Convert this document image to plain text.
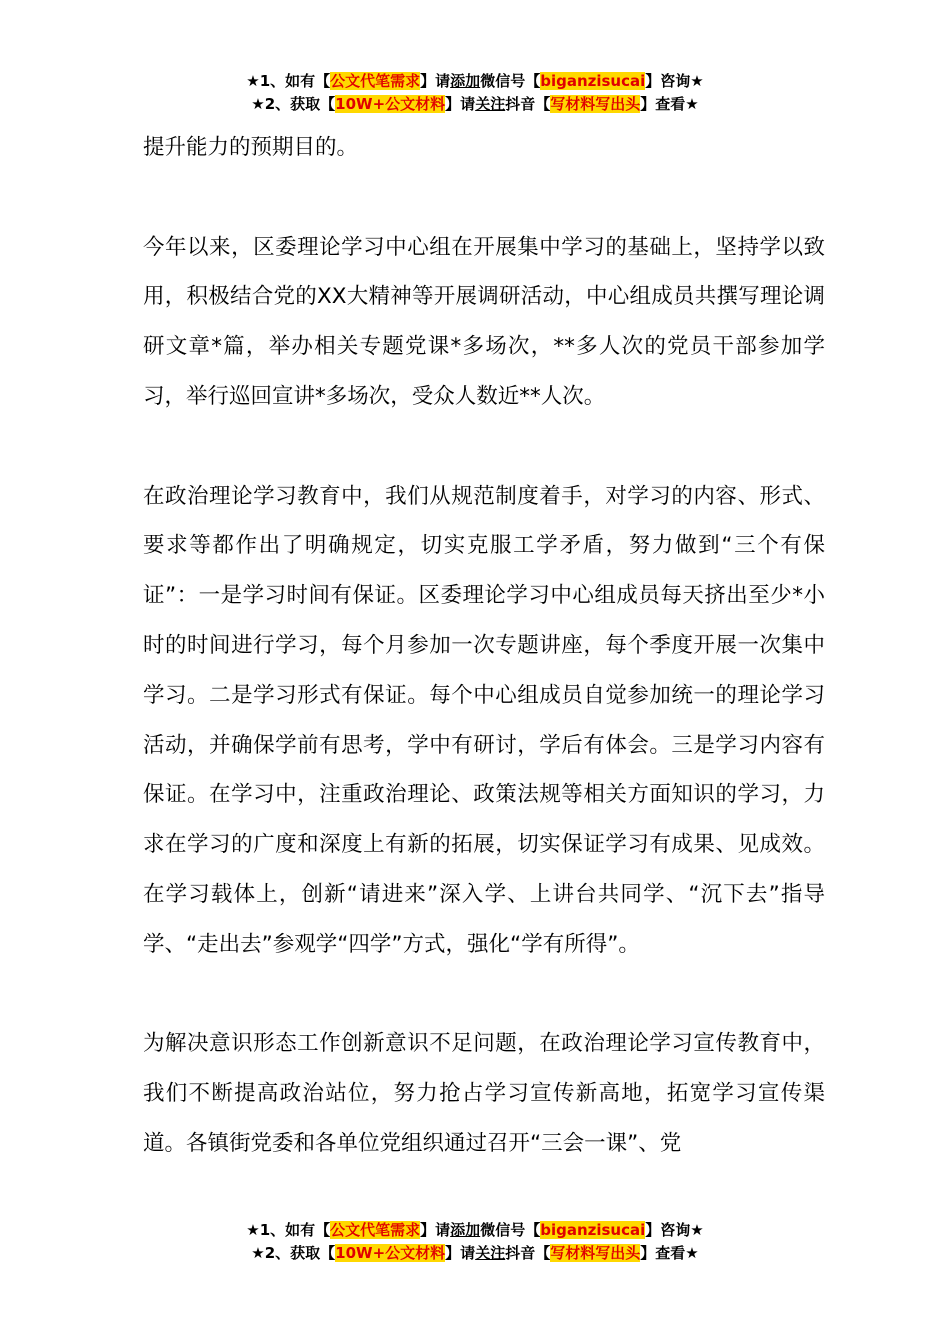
★1、如有【公文代笔需求】请添加微信号【biganzisucai】咨询★
★2、获取【10W+公文材料】请关注抖音【写材料写出头】查看★

提升能力的预期目的。

今年以来，区委理论学习中心组在开展集中学习的基础上，坚持学以致用，积极结合党的XX大精神等开展调研活动，中心组成员共撰写理论调研文章*篇，举办相关专题党课*多场次，**多人次的党员干部参加学习，举行巡回宣讲*多场次，受众人数近**人次。

在政治理论学习教育中，我们从规范制度着手，对学习的内容、形式、要求等都作出了明确规定，切实克服工学矛盾，努力做到“三个有保证”：一是学习时间有保证。区委理论学习中心组成员每天挤出至少*小时的时间进行学习，每个月参加一次专题讲座，每个季度开展一次集中学习。二是学习形式有保证。每个中心组成员自觉参加统一的理论学习活动，并确保学前有思考，学中有研讨，学后有体会。三是学习内容有保证。在学习中，注重政治理论、政策法规等相关方面知识的学习，力求在学习的广度和深度上有新的拓展，切实保证学习有成果、见成效。在学习载体上，创新“请进来”深入学、上讲台共同学、“沉下去”指导学、“走出去”参观学“四学”方式，强化“学有所得”。

为解决意识形态工作创新意识不足问题，在政治理论学习宣传教育中，我们不断提高政治站位，努力抢占学习宣传新高地，拓宽学习宣传渠道。各镇街党委和各单位党组织通过召开“三会一课”、党

★1、如有【公文代笔需求】请添加微信号【biganzisucai】咨询★
★2、获取【10W+公文材料】请关注抖音【写材料写出头】查看★
